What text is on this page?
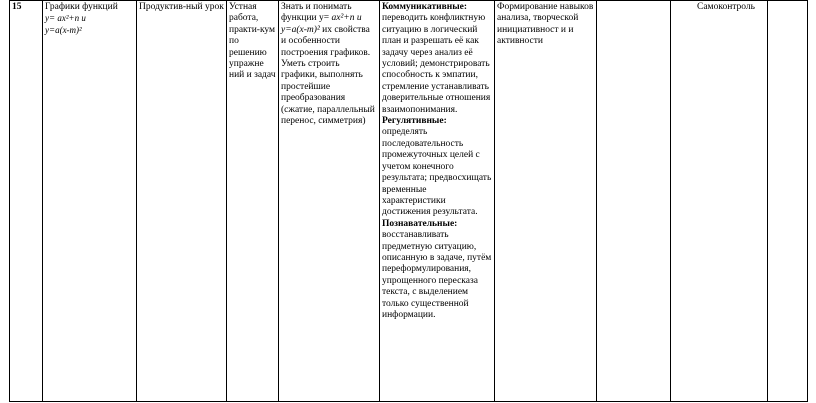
15	Графики функций
y= ax²+n и
y=a(x-m)²
	Продуктив-ный урок	Устная работа, практи-кум по решению упражне ний и задач	Знать и понимать функции y= ax²+n и y=a(x-m)² их свойства и особенности построения графиков. Уметь строить графики, выполнять простейшие преобразования (сжатие, параллельный перенос, симметрия)	Коммуникативные: переводить конфликтную ситуацию в логический план и разрешать её как задачу через анализ её условий; демонстрировать способность к эмпатии, стремление устанавливать доверительные отношения взаимопонимания. Регулятивные: определять последовательность промежуточных целей с учетом конечного результата; предвосхищать временные характеристики достижения результата. Познавательные: восстанавливать предметную ситуацию, описанную в задаче, путём переформулирования, упрощенного пересказа текста, с выделением только существенной информации.	Формирование навыков анализа, творческой инициативност и и активности		Самоконтроль	
